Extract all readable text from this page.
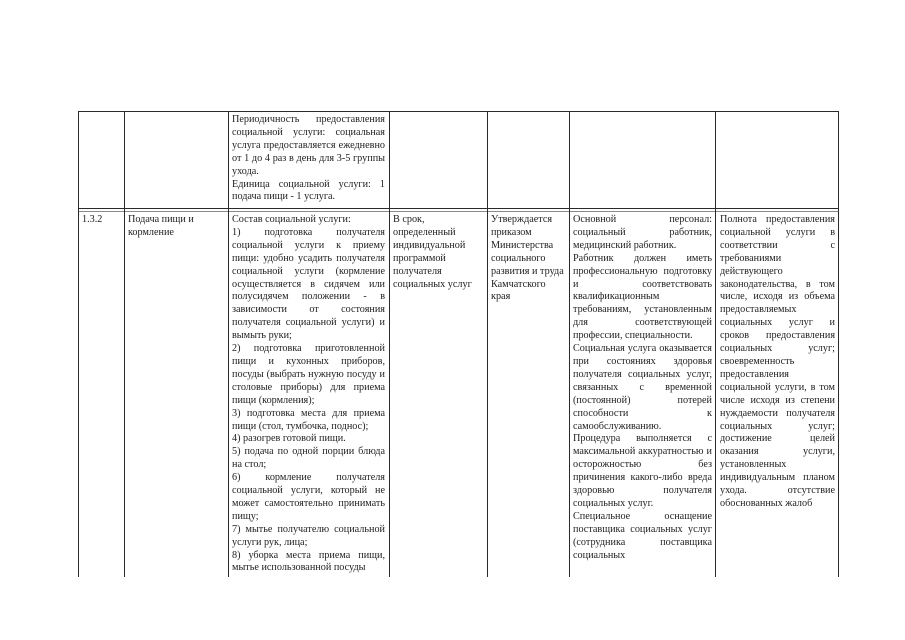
Периодичность предоставления социальной услуги: социальная услуга предоставляется ежедневно от 1 до 4 раз в день для 3-5 группы ухода.

Единица социальной услуги: 1 подача пищи - 1 услуга.

1.3.2	Подача пищи и кормление

Состав социальной услуги:

1) подготовка получателя социальной услуги к приему пищи: удобно усадить получателя социальной услуги (кормление осуществляется в сидячем или полусидячем положении - в зависимости от состояния получателя социальной услуги) и вымыть руки;

2) подготовка приготовленной пищи и кухонных приборов, посуды (выбрать нужную посуду и столовые приборы) для приема пищи (кормления);

3) подготовка места для приема пищи (стол, тумбочка, поднос);

4) разогрев готовой пищи.

5) подача по одной порции блюда на стол;

6) кормление получателя социальной услуги, который не может самостоятельно принимать пищу;

7) мытье получателю социальной услуги рук, лица;

8) уборка места приема пищи, мытье использованной посуды

В срок, определенный индивидуальной программой получателя социальных услуг

Утверждается приказом Министерства социального развития и труда Камчатского края

Основной персонал: социальный работник, медицинский работник.

Работник должен иметь профессиональную подготовку и соответствовать квалификационным требованиям, установленным для соответствующей профессии, специальности.

Социальная услуга оказывается при состояниях здоровья получателя социальных услуг, связанных с временной (постоянной) потерей способности к самообслуживанию.

Процедура выполняется с максимальной аккуратностью и осторожностью без причинения какого-либо вреда здоровью получателя социальных услуг.

Специальное оснащение поставщика социальных услуг (сотрудника поставщика социальных

Полнота предоставления социальной услуги в соответствии с требованиями действующего законодательства, в том числе, исходя из объема предоставляемых социальных услуг и сроков предоставления социальных услуг; своевременность предоставления социальной услуги, в том числе исходя из степени нуждаемости получателя социальных услуг; достижение целей оказания услуги, установленных индивидуальным планом ухода. отсутствие обоснованных жалоб
